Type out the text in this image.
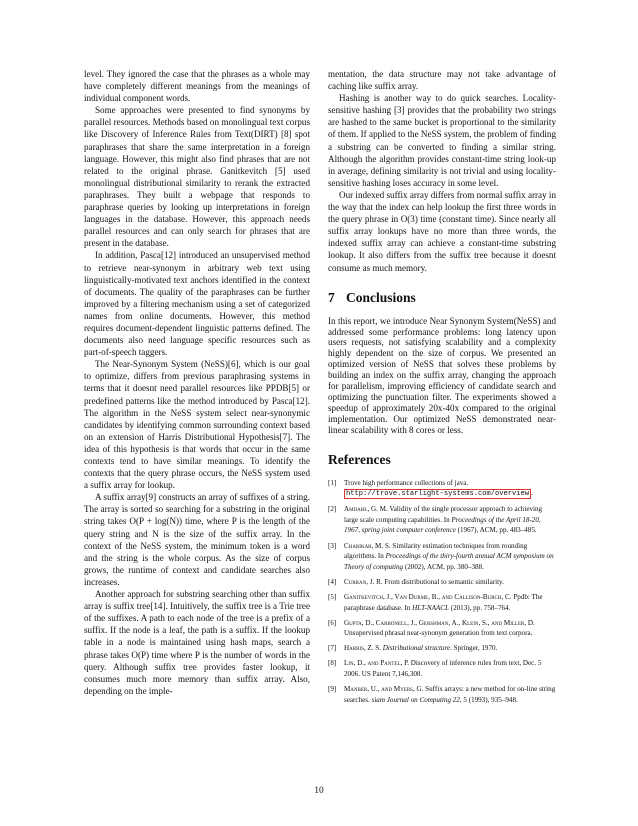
level. They ignored the case that the phrases as a whole may have completely different meanings from the meanings of individual component words.

Some approaches were presented to find synonyms by parallel resources. Methods based on monolingual text corpus like Discovery of Inference Rules from Text(DIRT) [8] spot paraphrases that share the same interpretation in a foreign language. However, this might also find phrases that are not related to the original phrase. Ganitkevitch [5] used monolingual distributional similarity to rerank the extracted paraphrases. They built a webpage that responds to paraphrase queries by looking up interpretations in foreign languages in the database. However, this approach needs parallel resources and can only search for phrases that are present in the database.

In addition, Pasca[12] introduced an unsupervised method to retrieve near-synonym in arbitrary web text using linguistically-motivated text anchors identified in the context of documents. The quality of the paraphrases can be further improved by a filtering mechanism using a set of categorized names from online documents. However, this method requires document-dependent linguistic patterns defined. The documents also need language specific resources such as part-of-speech taggers.

The Near-Synonym System (NeSS)[6], which is our goal to optimize, differs from previous paraphrasing systems in terms that it doesnt need parallel resources like PPDB[5] or predefined patterns like the method introduced by Pasca[12]. The algorithm in the NeSS system select near-synonymic candidates by identifying common surrounding context based on an extension of Harris Distributional Hypothesis[7]. The idea of this hypothesis is that words that occur in the same contexts tend to have similar meanings. To identify the contexts that the query phrase occurs, the NeSS system used a suffix array for lookup.

A suffix array[9] constructs an array of suffixes of a string. The array is sorted so searching for a substring in the original string takes O(P + log(N)) time, where P is the length of the query string and N is the size of the suffix array. In the context of the NeSS system, the minimum token is a word and the string is the whole corpus. As the size of corpus grows, the runtime of context and candidate searches also increases.

Another approach for substring searching other than suffix array is suffix tree[14]. Intuitively, the suffix tree is a Trie tree of the suffixes. A path to each node of the tree is a prefix of a suffix. If the node is a leaf, the path is a suffix. If the lookup table in a node is maintained using hash maps, search a phrase takes O(P) time where P is the number of words in the query. Although suffix tree provides faster lookup, it consumes much more memory than suffix array. Also, depending on the imple-

mentation, the data structure may not take advantage of caching like suffix array.

Hashing is another way to do quick searches. Locality-sensitive hashing [3] provides that the probability two strings are hashed to the same bucket is proportional to the similarity of them. If applied to the NeSS system, the problem of finding a substring can be converted to finding a similar string. Although the algorithm provides constant-time string look-up in average, defining similarity is not trivial and using locality-sensitive hashing loses accuracy in some level.

Our indexed suffix array differs from normal suffix array in the way that the index can help lookup the first three words in the query phrase in O(3) time (constant time). Since nearly all suffix array lookups have no more than three words, the indexed suffix array can achieve a constant-time substring lookup. It also differs from the suffix tree because it doesnt consume as much memory.

7 Conclusions

In this report, we introduce Near Synonym System(NeSS) and addressed some performance problems: long latency upon users requests, not satisfying scalability and a complexity highly dependent on the size of corpus. We presented an optimized version of NeSS that solves these problems by building an index on the suffix array, changing the approach for parallelism, improving efficiency of candidate search and optimizing the punctuation filter. The experiments showed a speedup of approximately 20x-40x compared to the original implementation. Our optimized NeSS demonstrated near-linear scalability with 8 cores or less.

References
[1]	Trove high performance collections of java. http://trove.starlight-systems.com/overview .
[2]	Amdahl, G. M. Validity of the single processor approach to achieving large scale computing capabilities. In Proceedings of the April 18-20, 1967, spring joint computer conference (1967), ACM, pp. 483–485.
[3]	Charikar, M. S. Similarity estimation techniques from rounding algorithms. In Proceedings of the thiry-fourth annual ACM symposium on Theory of computing (2002), ACM, pp. 380–388.
[4]	Curran, J. R. From distributional to semantic similarity.
[5]	Ganitkevitch, J., Van Durme, B., and Callison-Burch, C. Ppdb: The paraphrase database. In HLT-NAACL (2013), pp. 758–764.
[6]	Gupta, D., Carbonell, J., Gershman, A., Klein, S., and Miller, D. Unsupervised phrasal near-synonym generation from text corpora.
[7]	Harris, Z. S. Distributional structure. Springer, 1970.
[8]	Lin, D., and Pantel, P. Discovery of inference rules from text, Dec. 5 2006. US Patent 7,146,308.
[9]	Manber, U., and Myers, G. Suffix arrays: a new method for on-line string searches. siam Journal on Computing 22, 5 (1993), 935–948.
10
